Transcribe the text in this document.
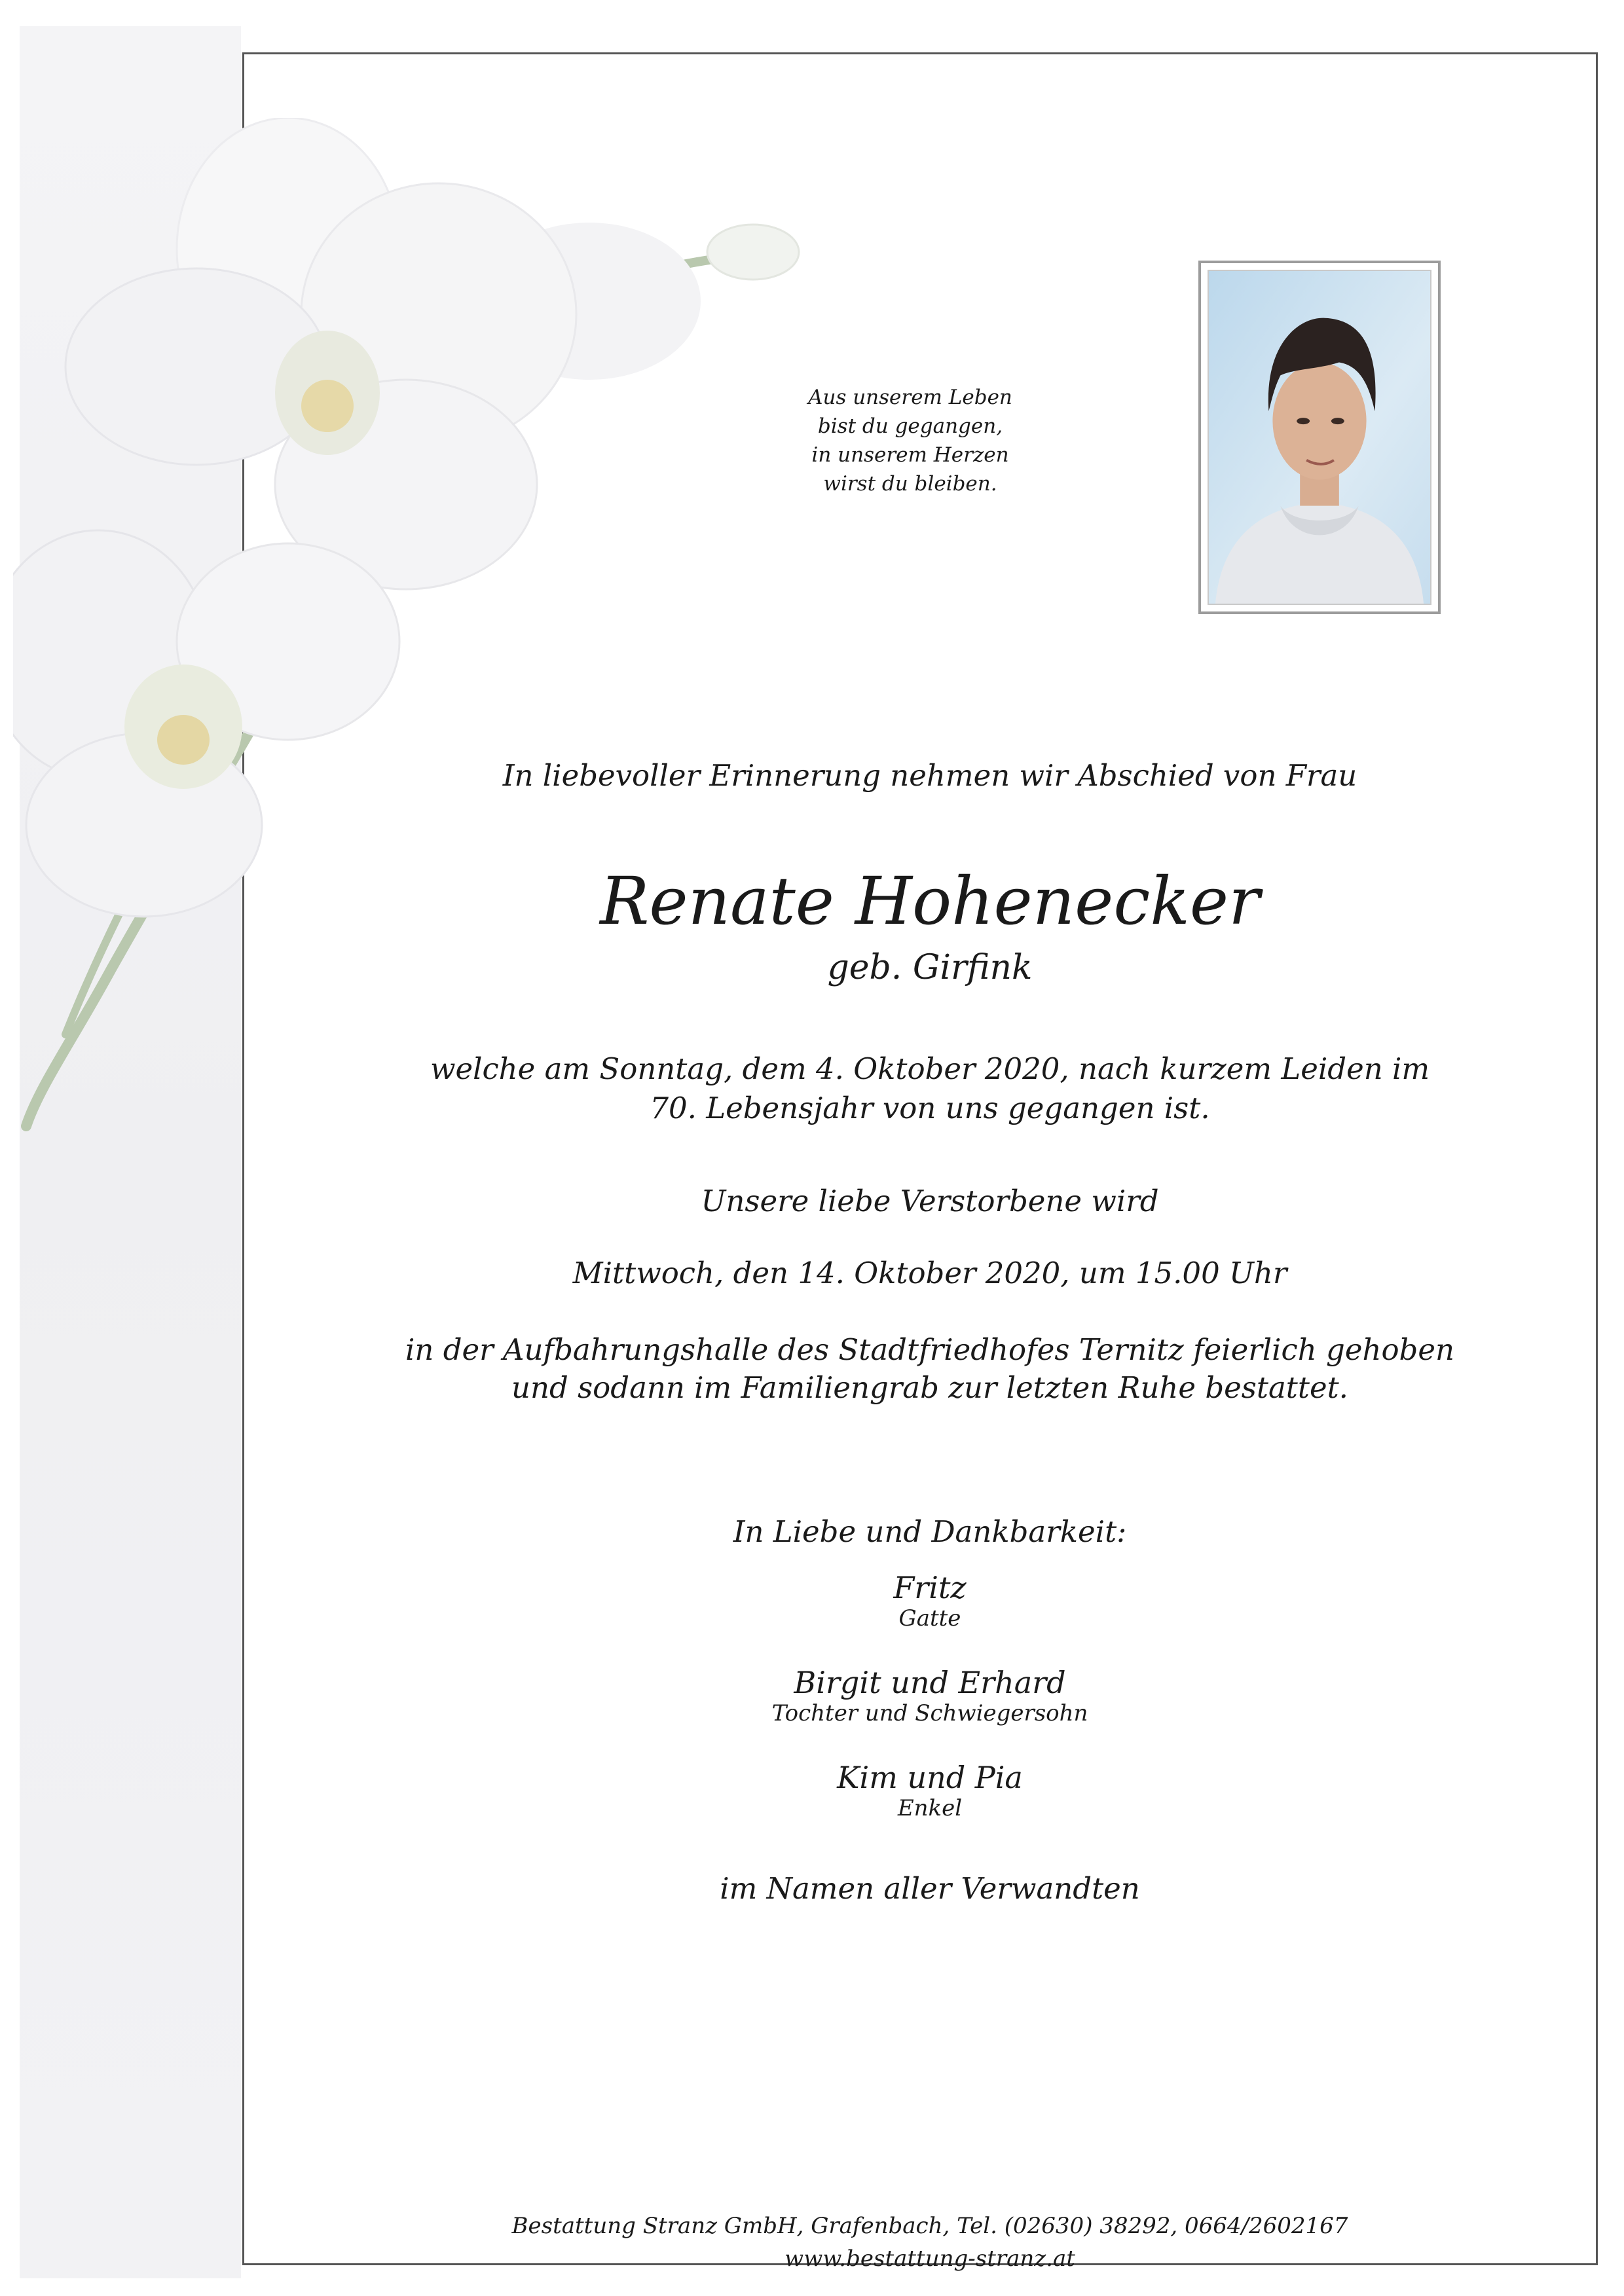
Aus unserem Leben
bist du gegangen,
in unserem Herzen
wirst du bleiben.
In liebevoller Erinnerung nehmen wir Abschied von Frau
Renate Hohenecker
geb. Girfink
welche am Sonntag, dem 4. Oktober 2020, nach kurzem Leiden im
70. Lebensjahr von uns gegangen ist.
Unsere liebe Verstorbene wird
Mittwoch, den 14. Oktober 2020, um 15.00 Uhr
in der Aufbahrungshalle des Stadtfriedhofes Ternitz feierlich gehoben
und sodann im Familiengrab zur letzten Ruhe bestattet.
In Liebe und Dankbarkeit:
Fritz
Gatte
Birgit und Erhard
Tochter und Schwiegersohn
Kim und Pia
Enkel
im Namen aller Verwandten
Bestattung Stranz GmbH, Grafenbach, Tel. (02630) 38292, 0664/2602167
www.bestattung-stranz.at
